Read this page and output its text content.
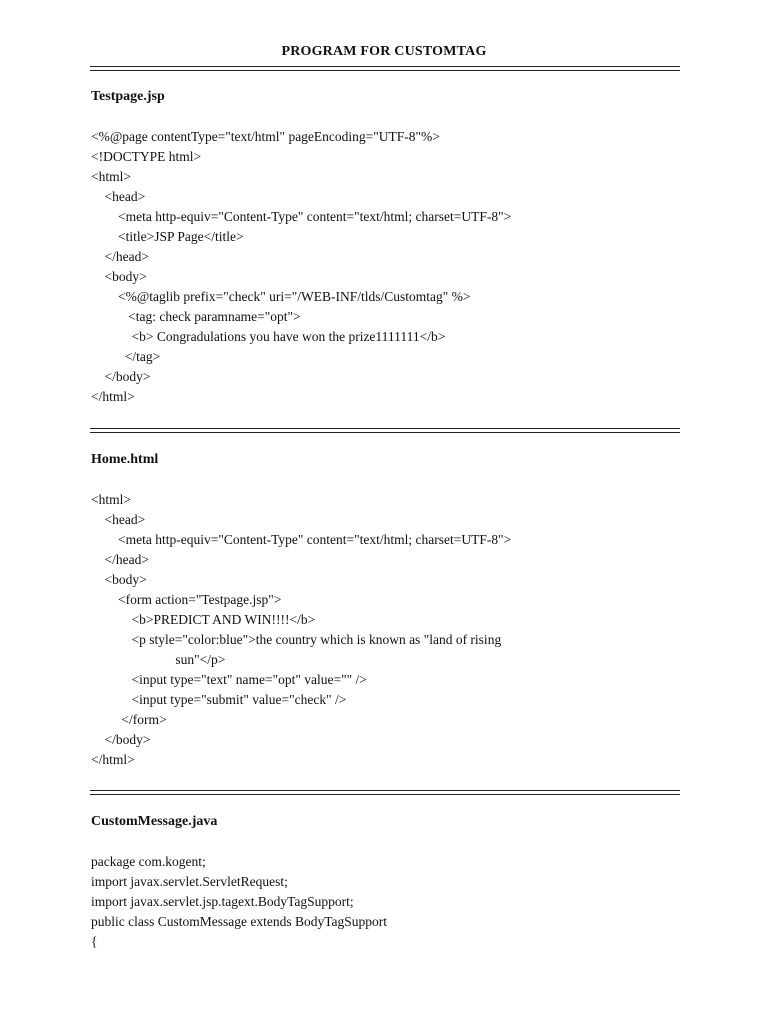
PROGRAM FOR CUSTOMTAG
Testpage.jsp
<%@page contentType="text/html" pageEncoding="UTF-8"%>
<!DOCTYPE html>
<html>
<head>
<meta http-equiv="Content-Type" content="text/html; charset=UTF-8">
<title>JSP Page</title>
</head>
<body>
<%@taglib prefix="check" uri="/WEB-INF/tlds/Customtag" %>
<tag: check paramname="opt">
<b> Congradulations you have won the prize1111111</b>
</tag>
</body>
</html>
Home.html
<html>
<head>
<meta http-equiv="Content-Type" content="text/html; charset=UTF-8">
</head>
<body>
<form action="Testpage.jsp">
<b>PREDICT AND WIN!!!!</b>
<p style="color:blue">the country which is known as "land of rising
sun"</p>
<input type="text" name="opt" value="" />
<input type="submit" value="check" />
</form>
</body>
</html>
CustomMessage.java
package com.kogent;
import javax.servlet.ServletRequest;
import javax.servlet.jsp.tagext.BodyTagSupport;
public class CustomMessage extends BodyTagSupport
{
